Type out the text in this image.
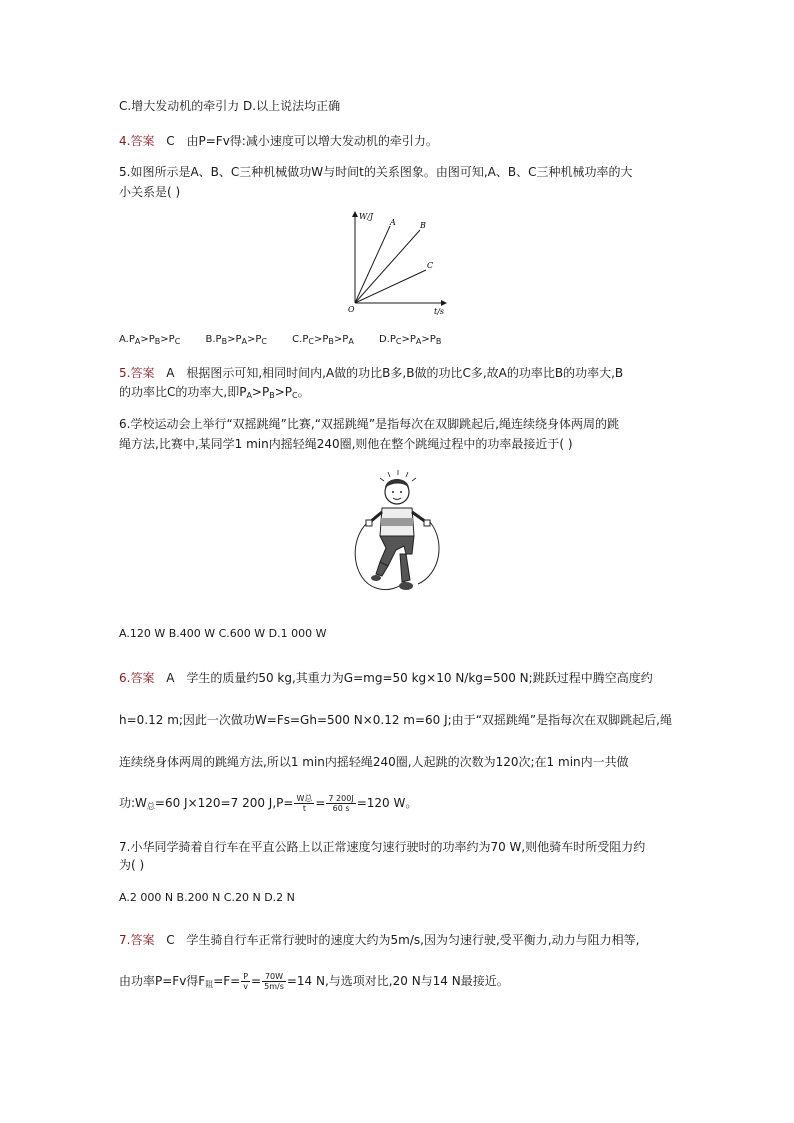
C.增大发动机的牵引力 D.以上说法均正确
4.答案 C 由P=Fv得:减小速度可以增大发动机的牵引力。
5.如图所示是A、B、C三种机械做功W与时间t的关系图象。由图可知,A、B、C三种机械功率的大
小关系是( )
W/J
t/s
O
A	B
C
$A.P_A>P_B>P_C$	$B.P_B>P_A>P_C$	$C.P_C>P_B>P_A$	$D.P_C>P_A>P_B$
5.答案 A 根据图示可知,相同时间内,A做的功比B多,B做的功比C多,故A的功率比B的功率大,B
的功率比C的功率大,即$P_A>P_B>P_C$。
6.学校运动会上举行“双摇跳绳”比赛,“双摇跳绳”是指每次在双脚跳起后,绳连续绕身体两周的跳
绳方法,比赛中,某同学1 min内摇轻绳240圈,则他在整个跳绳过程中的功率最接近于( )
A.120 W B.400 W C.600 W D.1 000 W
6.答案 A 学生的质量约50 kg,其重力为G=mg=50 kg×10 N/kg=500 N;跳跃过程中腾空高度约
h=0.12 m;因此一次做功W=Fs=Gh=500 N×0.12 m=60 J;由于“双摇跳绳”是指每次在双脚跳起后,绳
连续绕身体两周的跳绳方法,所以1 min内摇轻绳240圈,人起跳的次数为120次;在1 min内一共做
功$:W_总=60$ J×120=7 200 $J,P= \frac{\text{W总}}{t} = \frac{7 200J}{60 s} =120$ W。
7.小华同学骑着自行车在平直公路上以正常速度匀速行驶时的功率约为70 W,则他骑车时所受阻力约
为( )
A.2 000 N B.200 N C.20 N D.2 N
7.答案 C 学生骑自行车正常行驶时的速度大约为5m/s,因为匀速行驶,受平衡力,动力与阻力相等,
由功率P=Fv得$F_阻=F= \frac{P}{v} = \frac{70W}{5m/s} =14$ N,与选项对比,20 N与14 N最接近。
